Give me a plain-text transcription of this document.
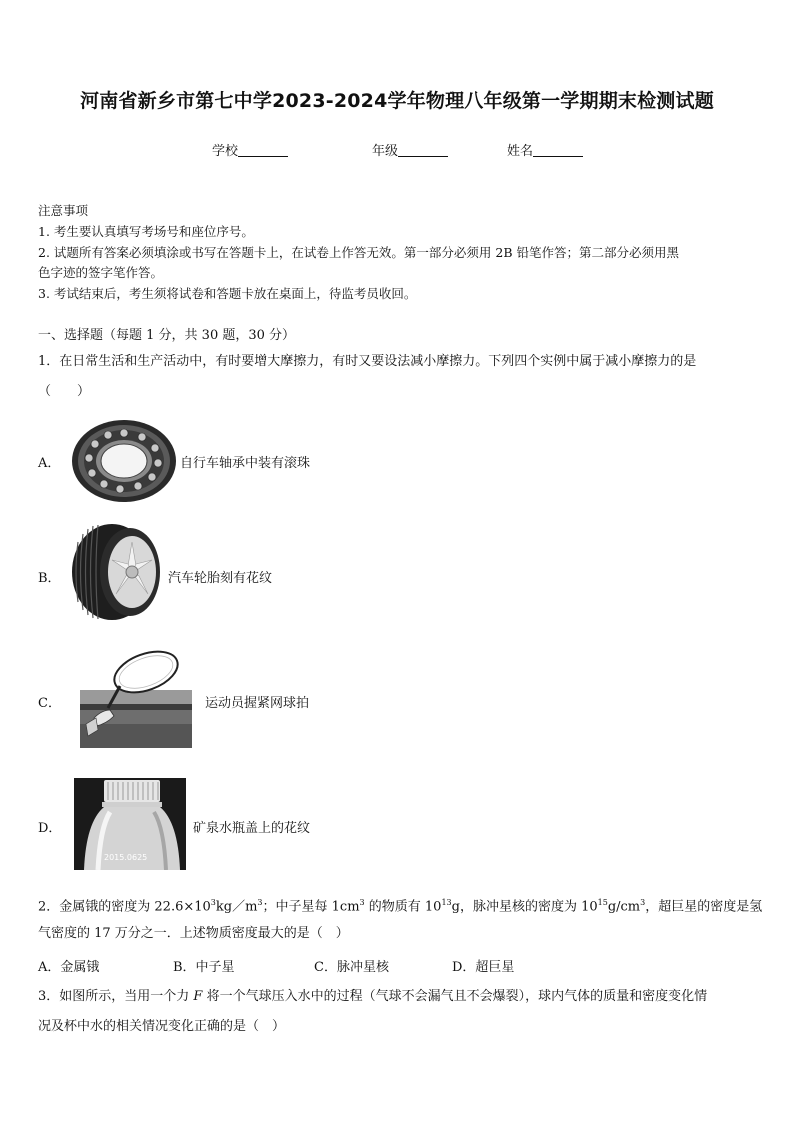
河南省新乡市第七中学2023-2024学年物理八年级第一学期期末检测试题
学校	年级	姓名
注意事项
1. 考生要认真填写考场号和座位序号。
2. 试题所有答案必须填涂或书写在答题卡上，在试卷上作答无效。第一部分必须用 2B 铅笔作答；第二部分必须用黑
色字迹的签字笔作答。
3. 考试结束后，考生须将试卷和答题卡放在桌面上，待监考员收回。
一、选择题（每题 1 分，共 30 题，30 分）
1．在日常生活和生产活动中，有时要增大摩擦力，有时又要设法减小摩擦力。下列四个实例中属于减小摩擦力的是
（　　）
A．	自行车轴承中装有滚珠
B．	汽车轮胎刻有花纹
C．	运动员握紧网球拍
D．
2015.0625
矿泉水瓶盖上的花纹
2．金属锇的密度为 $22.6\times 10^3kg/m^3$；中子星每 $1cm^3$ 的物质有 $10^{13}g$，脉冲星核的密度为 $10^{15}g/cm^3$，超巨星的密度是氢
气密度的 17 万分之一．上述物质密度最大的是（　）
A．金属锇	B．中子星	C．脉冲星核	D．超巨星
3．如图所示，当用一个力 F 将一个气球压入水中的过程（气球不会漏气且不会爆裂），球内气体的质量和密度变化情
况及杯中水的相关情况变化正确的是（　）
